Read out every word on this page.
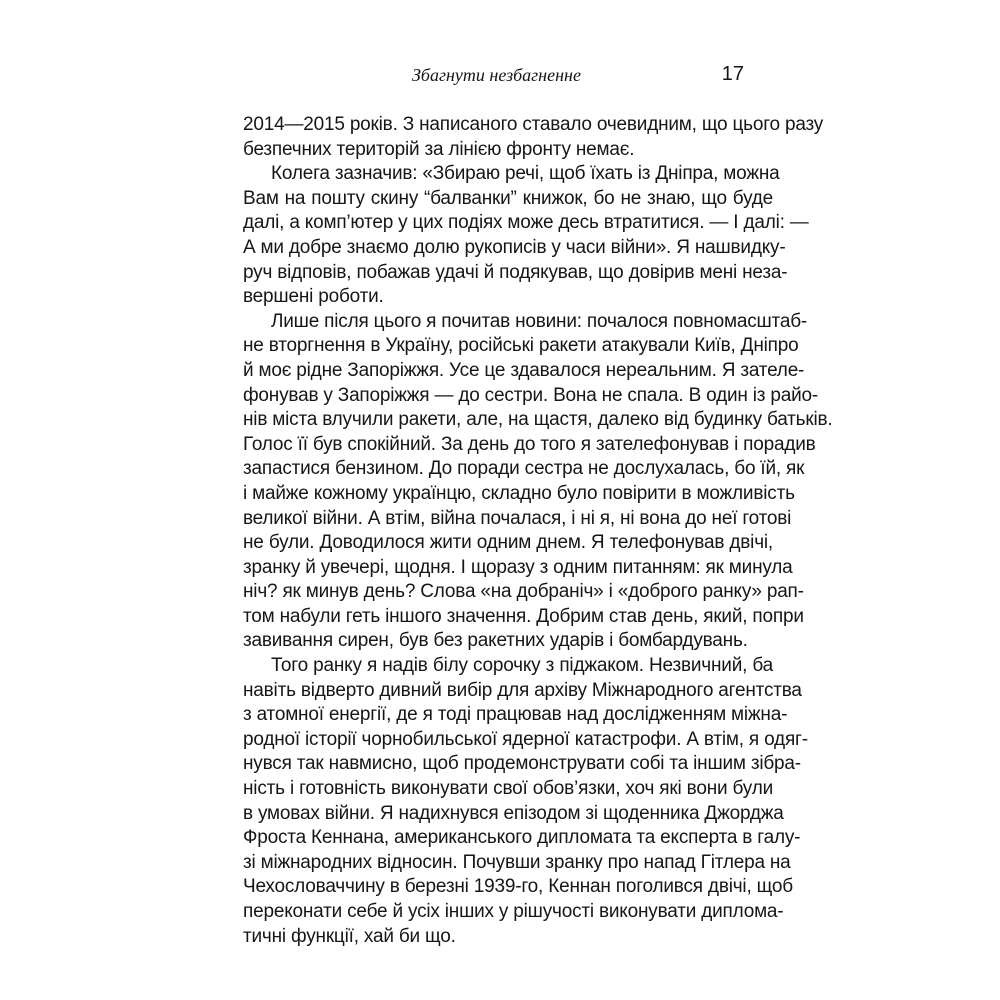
Збагнути незбагненне	17
2014—2015 років. З написаного ставало очевидним, що цього разу
безпечних територій за лінією фронту немає.
Колега зазначив: «Збираю речі, щоб їхать із Дніпра, можна
Вам на пошту скину “балванки” книжок, бо не знаю, що буде
далі, а комп’ютер у цих подіях може десь втратитися. — І далі: —
А ми добре знаємо долю рукописів у часи війни». Я нашвидку-
руч відповів, побажав удачі й подякував, що довірив мені неза-
вершені роботи.
Лише після цього я почитав новини: почалося повномасштаб-
не вторгнення в Україну, російські ракети атакували Київ, Дніпро
й моє рідне Запоріжжя. Усе це здавалося нереальним. Я зателе-
фонував у Запоріжжя — до сестри. Вона не спала. В один із райо-
нів міста влучили ракети, але, на щастя, далеко від будинку батьків.
Голос її був спокійний. За день до того я зателефонував і порадив
запастися бензином. До поради сестра не дослухалась, бо їй, як
і майже кожному українцю, складно було повірити в можливість
великої війни. А втім, війна почалася, і ні я, ні вона до неї готові
не були. Доводилося жити одним днем. Я телефонував двічі,
зранку й увечері, щодня. І щоразу з одним питанням: як минула
ніч? як минув день? Слова «на добраніч» і «доброго ранку» рап-
том набули геть іншого значення. Добрим став день, який, попри
завивання сирен, був без ракетних ударів і бомбардувань.
Того ранку я надів білу сорочку з піджаком. Незвичний, ба
навіть відверто дивний вибір для архіву Міжнародного агентства
з атомної енергії, де я тоді працював над дослідженням міжна-
родної історії чорнобильської ядерної катастрофи. А втім, я одяг-
нувся так навмисно, щоб продемонструвати собі та іншим зібра-
ність і готовність виконувати свої обов’язки, хоч які вони були
в умовах війни. Я надихнувся епізодом зі щоденника Джорджа
Фроста Кеннана, американського дипломата та експерта в галу-
зі міжнародних відносин. Почувши зранку про напад Гітлера на
Чехословаччину в березні 1939-го, Кеннан поголився двічі, щоб
переконати себе й усіх інших у рішучості виконувати диплома-
тичні функції, хай би що.
